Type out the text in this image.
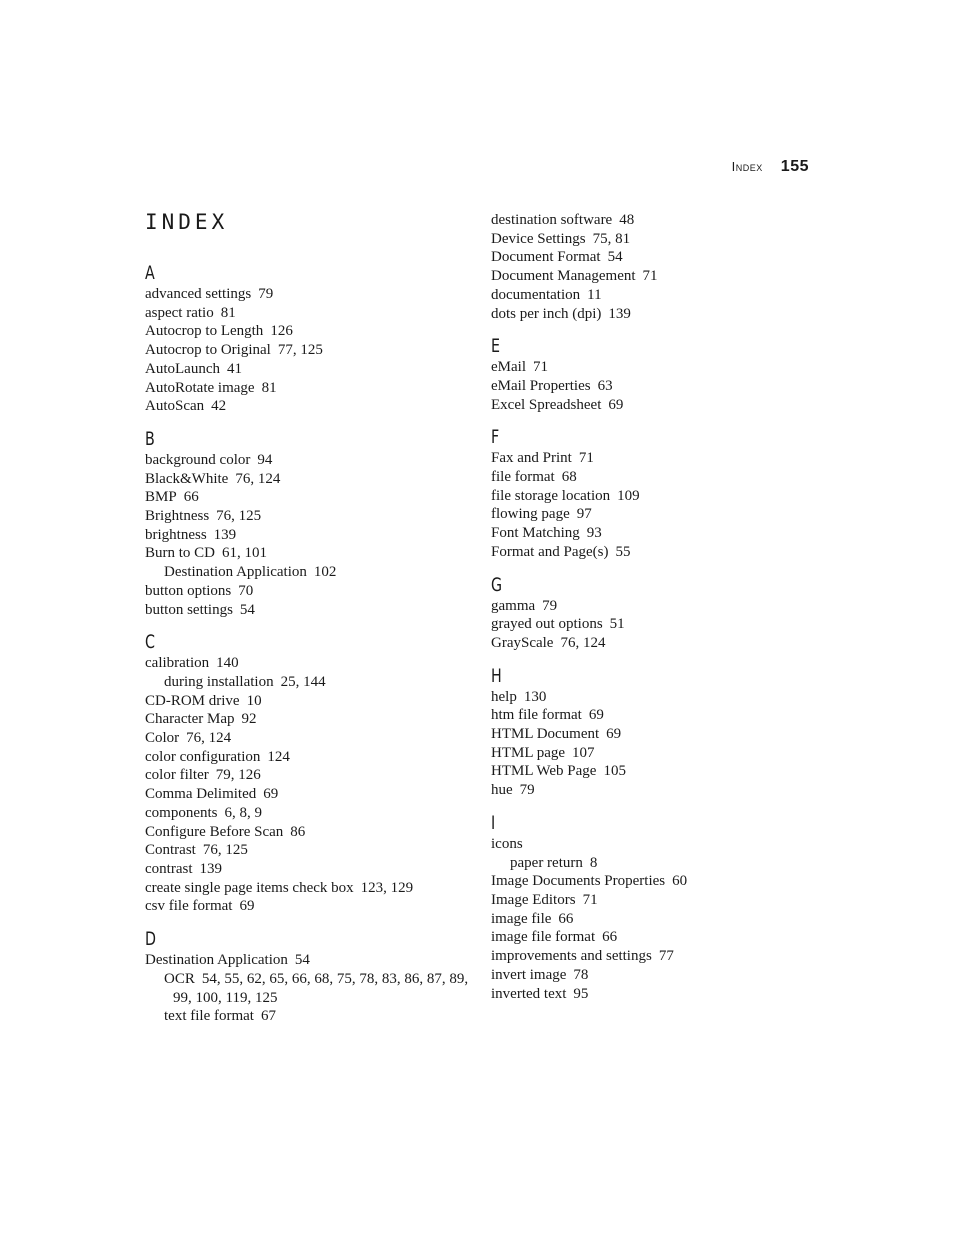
Index 155
INDEX
A
advanced settings 79
aspect ratio 81
Autocrop to Length 126
Autocrop to Original 77, 125
AutoLaunch 41
AutoRotate image 81
AutoScan 42
B
background color 94
Black&White 76, 124
BMP 66
Brightness 76, 125
brightness 139
Burn to CD 61, 101
Destination Application 102
button options 70
button settings 54
C
calibration 140
during installation 25, 144
CD-ROM drive 10
Character Map 92
Color 76, 124
color configuration 124
color filter 79, 126
Comma Delimited 69
components 6, 8, 9
Configure Before Scan 86
Contrast 76, 125
contrast 139
create single page items check box 123, 129
csv file format 69
D
Destination Application 54
OCR 54, 55, 62, 65, 66, 68, 75, 78, 83, 86, 87, 89, 99, 100, 119, 125
text file format 67
destination software 48
Device Settings 75, 81
Document Format 54
Document Management 71
documentation 11
dots per inch (dpi) 139
E
eMail 71
eMail Properties 63
Excel Spreadsheet 69
F
Fax and Print 71
file format 68
file storage location 109
flowing page 97
Font Matching 93
Format and Page(s) 55
G
gamma 79
grayed out options 51
GrayScale 76, 124
H
help 130
htm file format 69
HTML Document 69
HTML page 107
HTML Web Page 105
hue 79
I
icons
paper return 8
Image Documents Properties 60
Image Editors 71
image file 66
image file format 66
improvements and settings 77
invert image 78
inverted text 95
